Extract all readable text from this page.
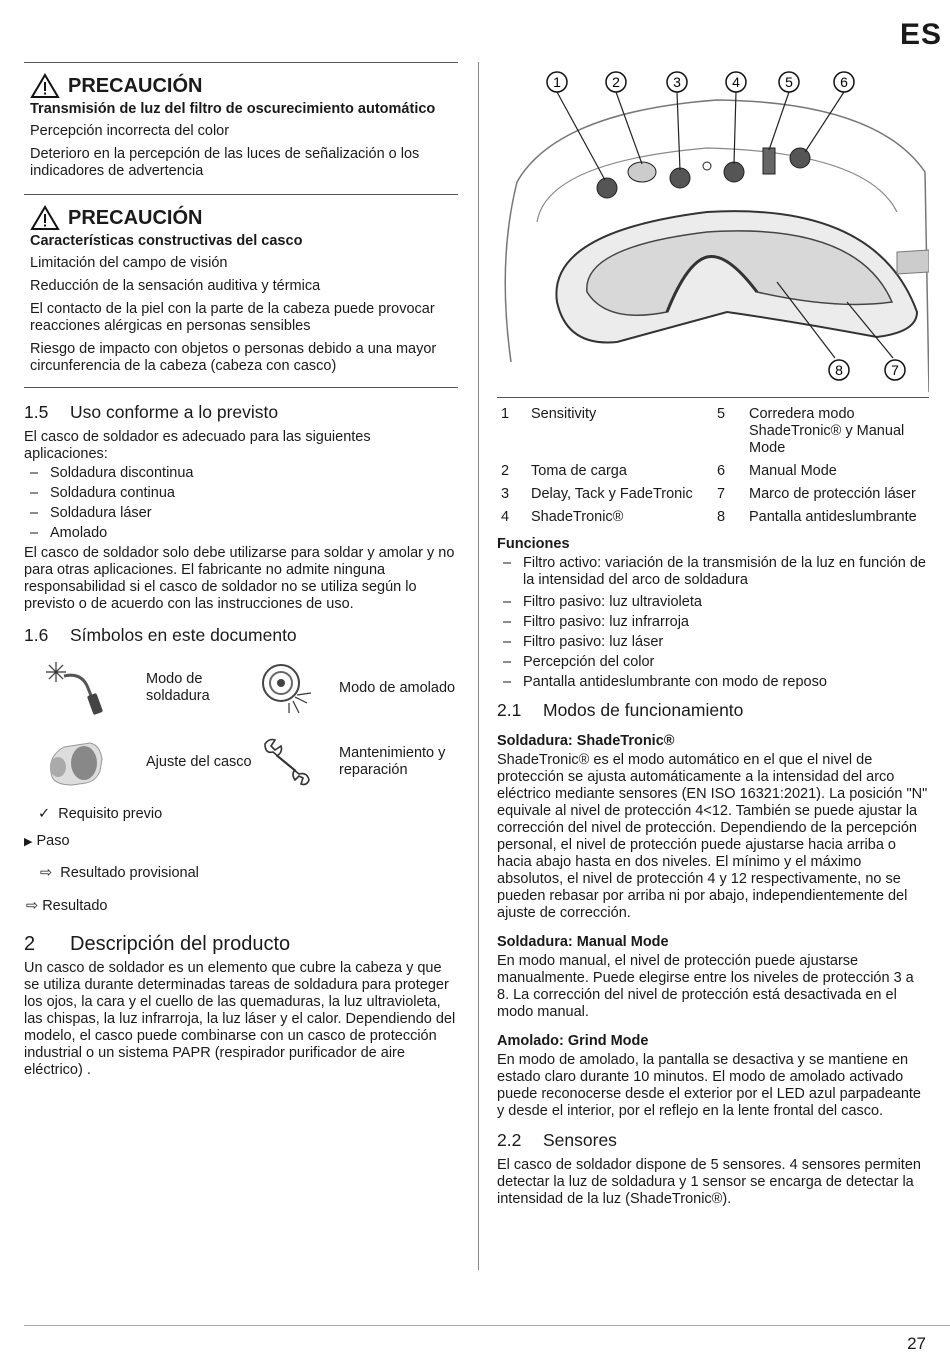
ES
PRECAUCIÓN
Transmisión de luz del filtro de oscurecimiento automático

Percepción incorrecta del color

Deterioro en la percepción de las luces de señalización o los indicadores de advertencia

PRECAUCIÓN
Características constructivas del casco

Limitación del campo de visión

Reducción de la sensación auditiva y térmica

El contacto de la piel con la parte de la cabeza puede provocar reacciones alérgicas en personas sensibles

Riesgo de impacto con objetos o personas debido a una mayor circunferencia de la cabeza (cabeza con casco)

1.5	Uso conforme a lo previsto

El casco de soldador es adecuado para las siguientes aplicaciones:

– Soldadura discontinua
– Soldadura continua
– Soldadura láser
– Amolado

El casco de soldador solo debe utilizarse para soldar y amolar y no para otras aplicaciones. El fabricante no admite ninguna responsabilidad si el casco de soldador no se utiliza según lo previsto o de acuerdo con las instrucciones de uso.

1.6	Símbolos en este documento
Modo de soldadura
Modo de amolado
Ajuste del casco
Mantenimiento y reparación
✓ Requisito previo
▶ Paso
⇨ Resultado provisional
⇨ Resultado
2	Descripción del producto

Un casco de soldador es un elemento que cubre la cabeza y que se utiliza durante determinadas tareas de soldadura para proteger los ojos, la cara y el cuello de las quemaduras, la luz ultravioleta, las chispas, la luz infrarroja, la luz láser y el calor. Dependiendo del modelo, el casco puede combinarse con un casco de protección industrial o un sistema PAPR (respirador purificador de aire eléctrico) .

1	2	3	4	5	6
8	7
1	Sensitivity	5	Corredera modo ShadeTronic® y Manual Mode
2	Toma de carga	6	Manual Mode
3	Delay, Tack y FadeTronic	7	Marco de protección láser
4	ShadeTronic®	8	Pantalla antideslumbrante
Funciones
– Filtro activo: variación de la transmisión de la luz en función de la intensidad del arco de soldadura
– Filtro pasivo: luz ultravioleta
– Filtro pasivo: luz infrarroja
– Filtro pasivo: luz láser
– Percepción del color
– Pantalla antideslumbrante con modo de reposo
2.1	Modos de funcionamiento
Soldadura: ShadeTronic®

ShadeTronic® es el modo automático en el que el nivel de protección se ajusta automáticamente a la intensidad del arco eléctrico mediante sensores (EN ISO 16321:2021). La posición "N" equivale al nivel de protección 4<12. También se puede ajustar la corrección del nivel de protección. Dependiendo de la percepción personal, el nivel de protección puede ajustarse hacia arriba o hacia abajo hasta en dos niveles. El mínimo y el máximo absolutos, el nivel de protección 4 y 12 respectivamente, no se pueden rebasar por arriba ni por abajo, independientemente del ajuste de corrección.

Soldadura: Manual Mode

En modo manual, el nivel de protección puede ajustarse manualmente. Puede elegirse entre los niveles de protección 3 a 8. La corrección del nivel de protección está desactivada en el modo manual.

Amolado: Grind Mode

En modo de amolado, la pantalla se desactiva y se mantiene en estado claro durante 10 minutos. El modo de amolado activado puede reconocerse desde el exterior por el LED azul parpadeante y desde el interior, por el reflejo en la lente frontal del casco.

2.2	Sensores

El casco de soldador dispone de 5 sensores. 4 sensores permiten detectar la luz de soldadura y 1 sensor se encarga de detectar la intensidad de la luz (ShadeTronic®).

27
